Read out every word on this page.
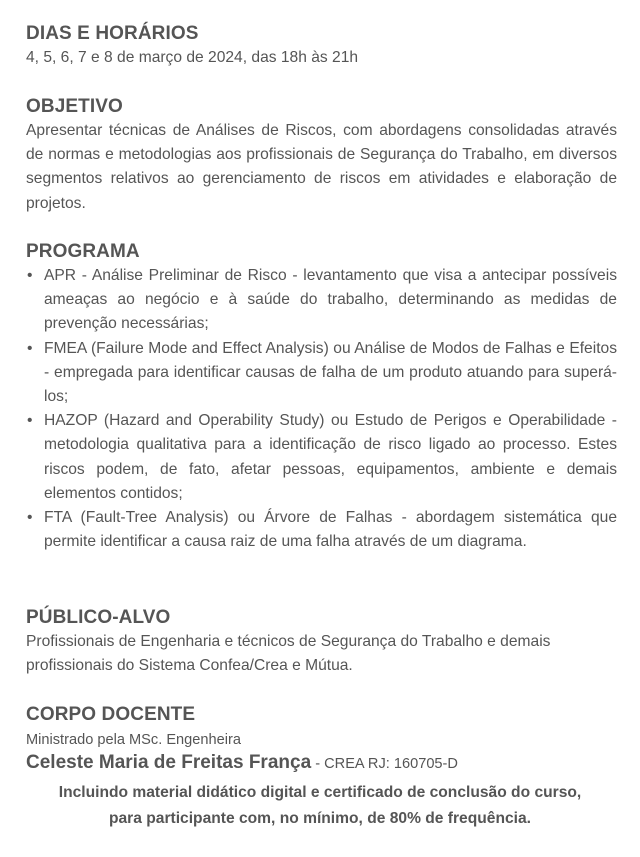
DIAS E HORÁRIOS

4, 5, 6, 7 e 8 de março de 2024, das 18h às 21h

OBJETIVO

Apresentar técnicas de Análises de Riscos, com abordagens consolidadas através de normas e metodologias aos profissionais de Segurança do Trabalho, em diversos segmentos relativos ao gerenciamento de riscos em atividades e elaboração de projetos.

PROGRAMA
• APR - Análise Preliminar de Risco - levantamento que visa a antecipar possíveis ameaças ao negócio e à saúde do trabalho, determinando as medidas de prevenção necessárias;
• FMEA (Failure Mode and Effect Analysis) ou Análise de Modos de Falhas e Efeitos - empregada para identificar causas de falha de um produto atuando para superá-los;
• HAZOP (Hazard and Operability Study) ou Estudo de Perigos e Operabilidade - metodologia qualitativa para a identificação de risco ligado ao processo. Estes riscos podem, de fato, afetar pessoas, equipamentos, ambiente e demais elementos contidos;
• FTA (Fault-Tree Analysis) ou Árvore de Falhas - abordagem sistemática que permite identificar a causa raiz de uma falha através de um diagrama.
PÚBLICO-ALVO

Profissionais de Engenharia e técnicos de Segurança do Trabalho e demais profissionais do Sistema Confea/Crea e Mútua.

CORPO DOCENTE

Ministrado pela MSc. Engenheira

Celeste Maria de Freitas França - CREA RJ: 160705-D

Incluindo material didático digital e certificado de conclusão do curso,
para participante com, no mínimo, de 80% de frequência.
